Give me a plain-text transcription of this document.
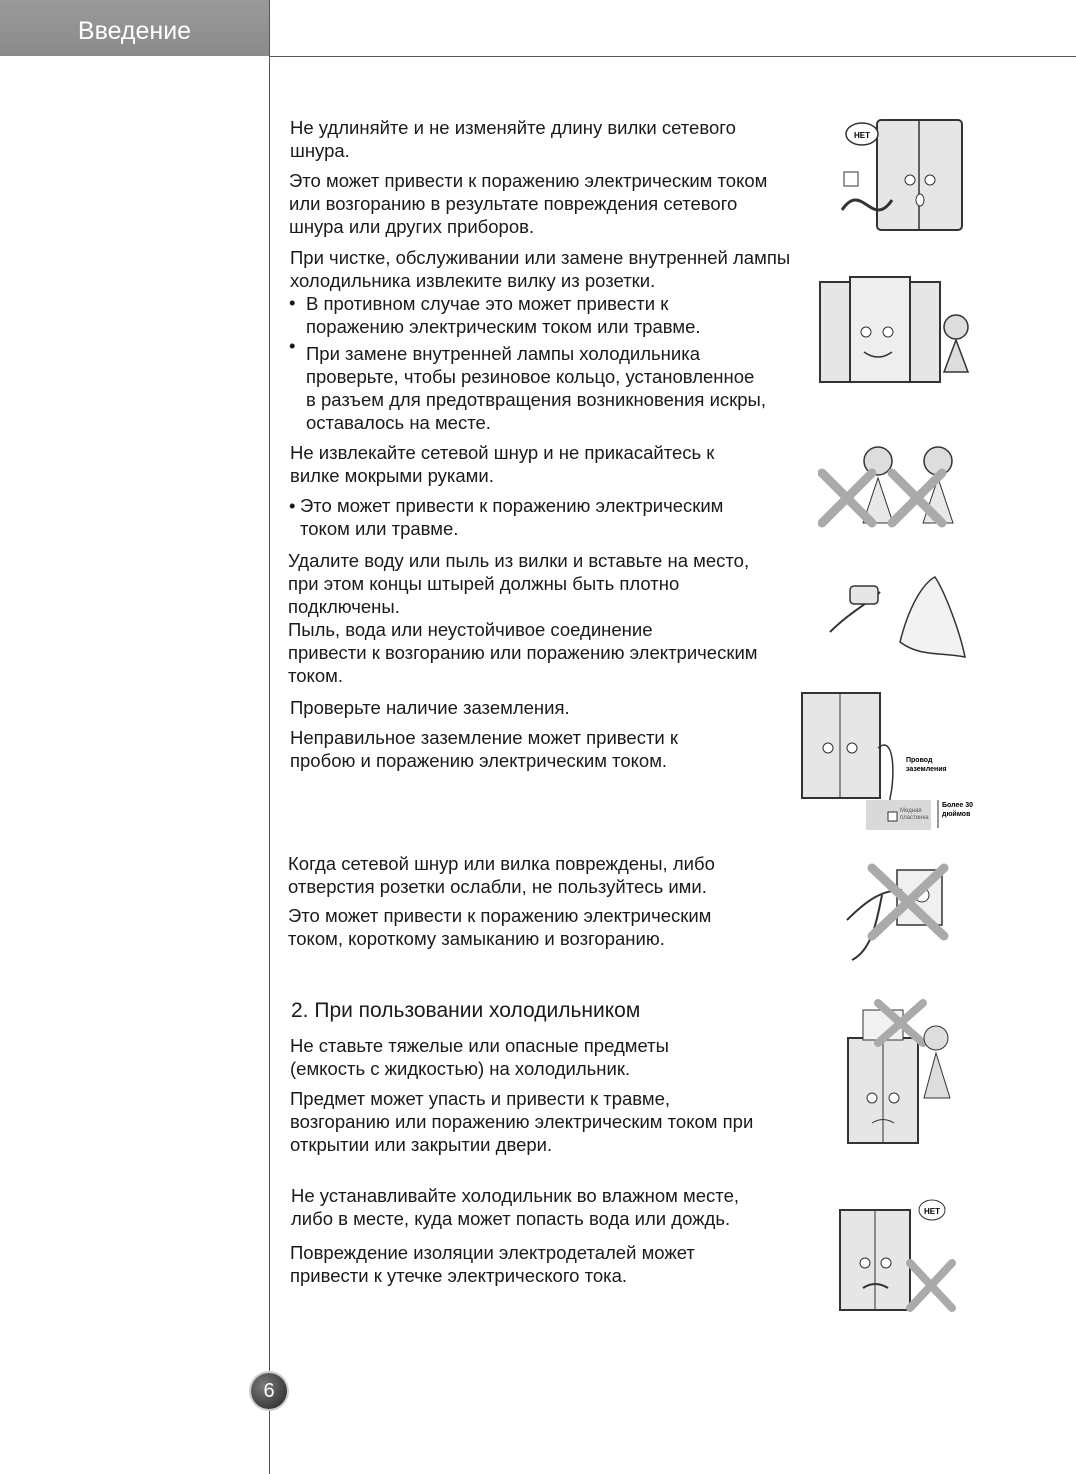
Введение
6
Не удлиняйте и не изменяйте длину вилки сетевого
шнура.
Это может привести к поражению электрическим током
или возгоранию в результате повреждения сетевого
шнура или других приборов.
При чистке, обслуживании или замене внутренней лампы
холодильника извлеките вилку из розетки.
• В противном случае это может привести к
поражению электрическим током или травме.
• При замене внутренней лампы холодильника
проверьте, чтобы резиновое кольцо, установленное
в разъем для предотвращения возникновения искры,
оставалось на месте.
Не извлекайте сетевой шнур и не прикасайтесь к
вилке мокрыми руками.
• Это может привести к поражению электрическим
током или травме.
Удалите воду или пыль из вилки и вставьте на место,
при этом концы штырей должны быть плотно
подключены.
Пыль, вода или неустойчивое соединение
привести к возгоранию или поражению электрическим
током.
Проверьте наличие заземления.
Неправильное заземление может привести к
пробою и поражению электрическим током.
Когда сетевой шнур или вилка повреждены, либо
отверстия розетки ослабли, не пользуйтесь ими.
Это может привести к поражению электрическим
током, короткому замыканию и возгоранию.
2. При пользовании холодильником
Не ставьте тяжелые или опасные предметы
(емкость с жидкостью) на холодильник.
Предмет может упасть и привести к травме,
возгоранию или поражению электрическим током при
открытии или закрытии двери.
Не устанавливайте холодильник во влажном месте,
либо в месте, куда может попасть вода или дождь.
Повреждение изоляции электродеталей может
привести к утечке электрического тока.
НЕТ
Провод
заземления
Медная
пластинка
Более 30
дюймов
НЕТ
